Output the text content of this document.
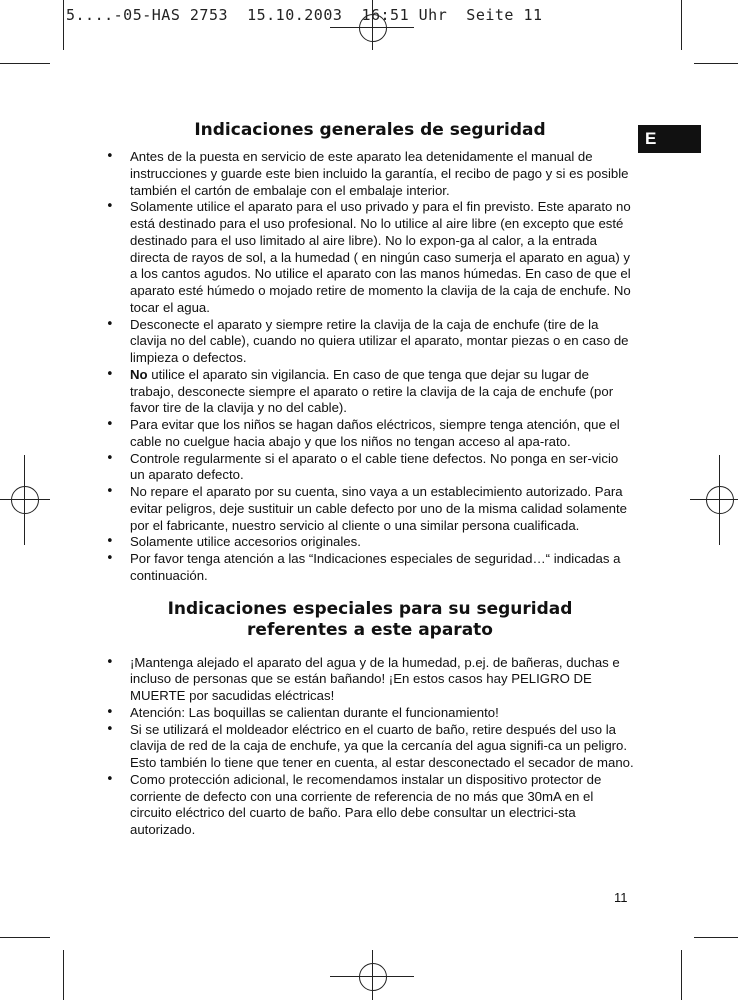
5....-05-HAS 2753  15.10.2003  16:51 Uhr  Seite 11
E
Indicaciones generales de seguridad
• Antes de la puesta en servicio de este aparato lea detenidamente el manual de instrucciones y guarde este bien incluido la garantía, el recibo de pago y si es posible también el cartón de embalaje con el embalaje interior.
• Solamente utilice el aparato para el uso privado y para el fin previsto. Este aparato no está destinado para el uso profesional. No lo utilice al aire libre (en excepto que esté destinado para el uso limitado al aire libre). No lo expon-ga al calor, a la entrada directa de rayos de sol, a la humedad ( en ningún caso sumerja el aparato en agua) y a los cantos agudos. No utilice el aparato con las manos húmedas. En caso de que el aparato esté húmedo o mojado retire de momento la clavija de la caja de enchufe. No tocar el agua.
• Desconecte el aparato y siempre retire la clavija de la caja de enchufe (tire de la clavija no del cable), cuando no quiera utilizar el aparato, montar piezas o en caso de limpieza o defectos.
• No utilice el aparato sin vigilancia. En caso de que tenga que dejar su lugar de trabajo, desconecte siempre el aparato o retire la clavija de la caja de enchufe (por favor tire de la clavija y no del cable).
• Para evitar que los niños se hagan daños eléctricos, siempre tenga atención, que el cable no cuelgue hacia abajo y que los niños no tengan acceso al apa-rato.
• Controle regularmente si el aparato o el cable tiene defectos. No ponga en ser-vicio un aparato defecto.
• No repare el aparato por su cuenta, sino vaya a un establecimiento autorizado. Para evitar peligros, deje sustituir un cable defecto por uno de la misma calidad solamente por el fabricante, nuestro servicio al cliente o una similar persona cualificada.
• Solamente utilice accesorios originales.
• Por favor tenga atención a las “Indicaciones especiales de seguridad…“ indicadas a continuación.
Indicaciones especiales para su seguridad
referentes a este aparato
• ¡Mantenga alejado el aparato del agua y de la humedad, p.ej. de bañeras, duchas e incluso de personas que se están bañando! ¡En estos casos hay PELIGRO DE MUERTE por sacudidas eléctricas!
• Atención: Las boquillas se calientan durante el funcionamiento!
• Si se utilizará el moldeador eléctrico en el cuarto de baño, retire después del uso la clavija de red de la caja de enchufe, ya que la cercanía del agua signifi-ca un peligro. Esto también lo tiene que tener en cuenta, al estar desconectado el secador de mano.
• Como protección adicional, le recomendamos instalar un dispositivo protector de corriente de defecto con una corriente de referencia de no más que 30mA en el circuito eléctrico del cuarto de baño. Para ello debe consultar un electrici-sta autorizado.
11
